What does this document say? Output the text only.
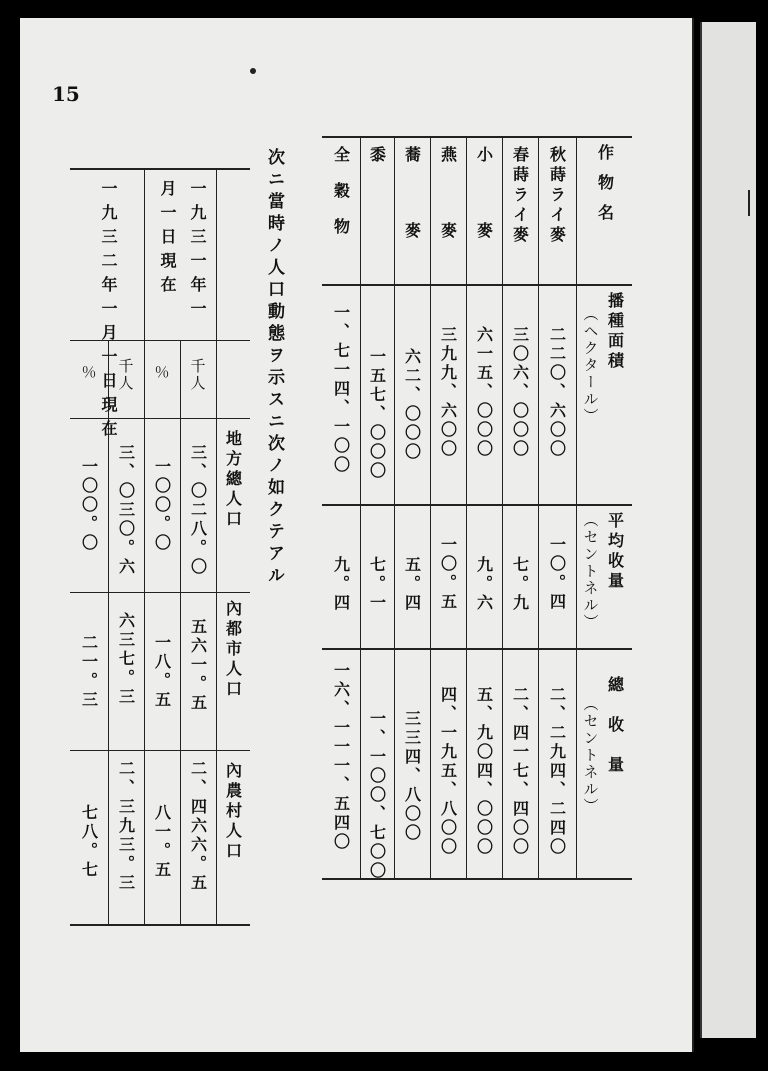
15
作物名
播種面積
（ヘクタール）
平均收量
（セントネル）
總收量
（セントネル）
秋蒔ライ麥
二二〇、六〇〇
一〇。四
二、二九四、二四〇
春蒔ライ麥
三〇六、〇〇〇
七。九
二、四一七、四〇〇
小麥
六一五、〇〇〇
九。六
五、九〇四、〇〇〇
燕麥
三九九、六〇〇
一〇。五
四、一九五、八〇〇
蕎麥
六二、〇〇〇
五。四
三三四、八〇〇
黍
一五七、〇〇〇
七。一
一、一〇〇、七〇〇
全穀物
一、七一四、一〇〇
九。四
一六、一一一、五四〇
次ニ當時ノ人口動態ヲ示スニ次ノ如クテアル
地方總人口
內都市人口
內農村人口
一九三一年一月一日現在
千人
％
三、〇二八。〇
一〇〇。〇
五六一。五
一八。五
二、四六六。五
八一。五
一九三二年一月一日現在
千人
％
三、〇三〇。六
一〇〇。〇
六三七。三
二一。三
二、三九三。三
七八。七
